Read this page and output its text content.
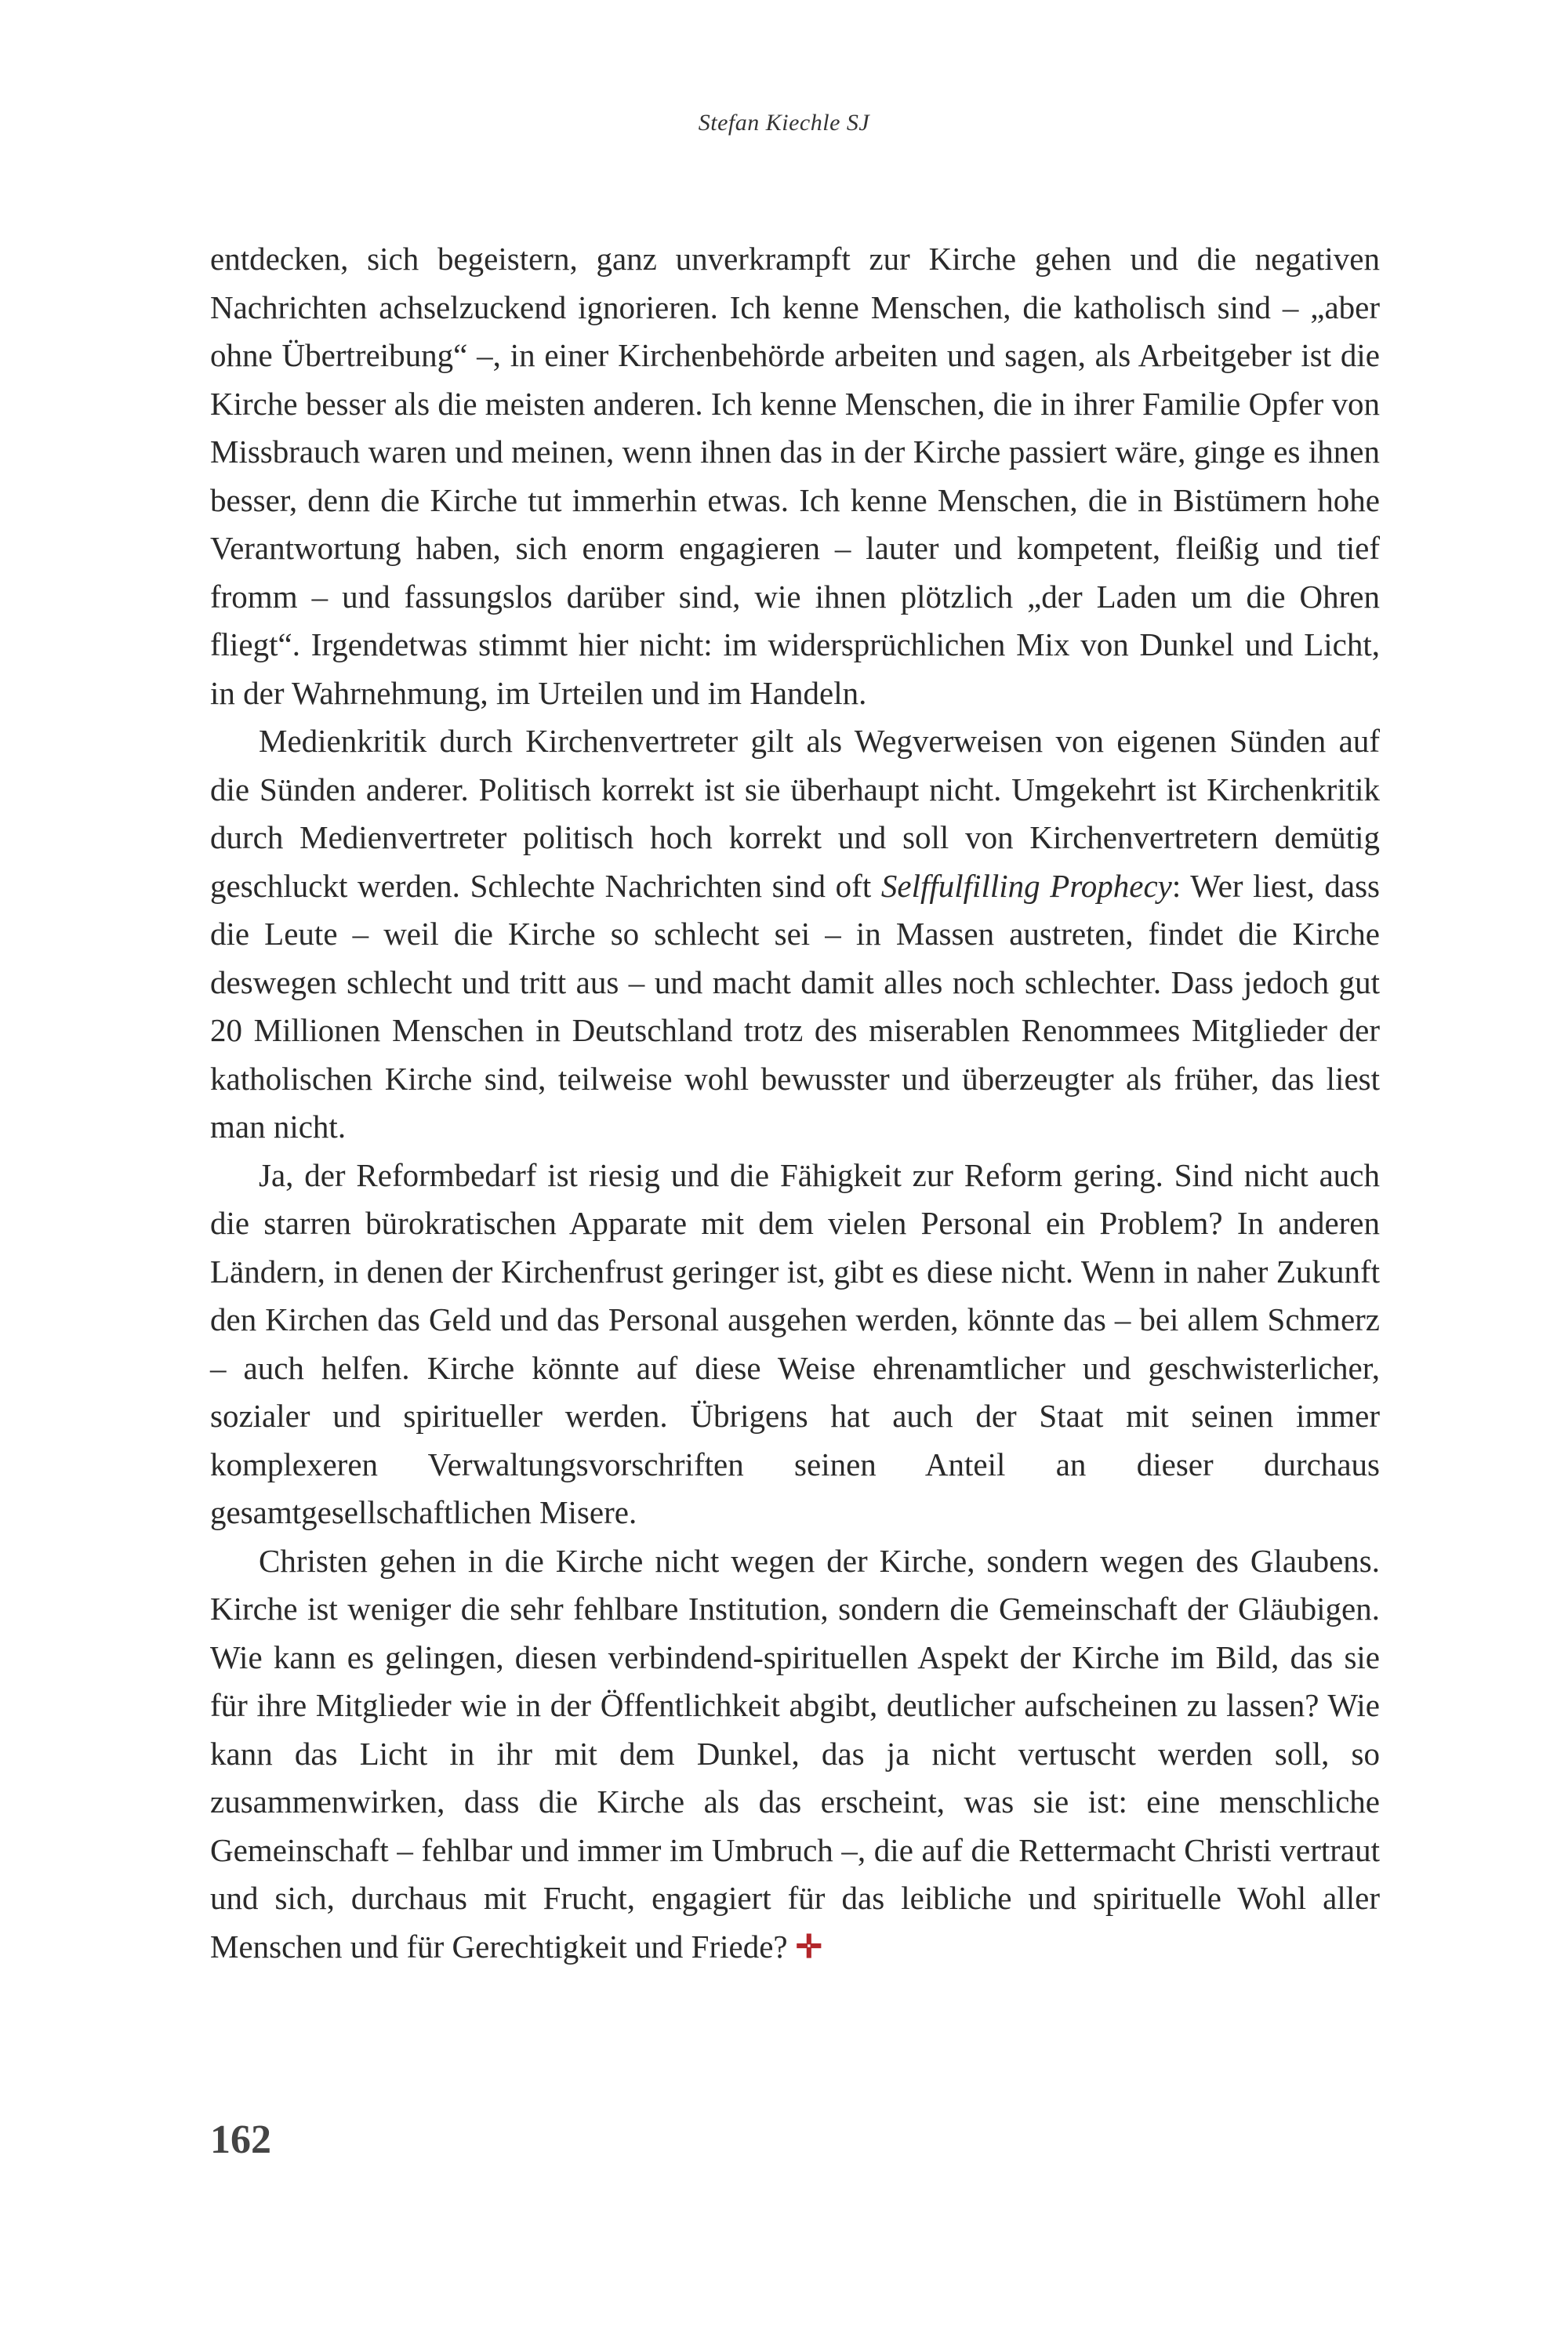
Stefan Kiechle SJ

entdecken, sich begeistern, ganz unverkrampft zur Kirche gehen und die negativen Nachrichten achselzuckend ignorieren. Ich kenne Menschen, die katholisch sind – „aber ohne Übertreibung“ –, in einer Kirchenbehörde arbeiten und sagen, als Arbeitgeber ist die Kirche besser als die meisten anderen. Ich kenne Menschen, die in ihrer Familie Opfer von Missbrauch waren und meinen, wenn ihnen das in der Kirche passiert wäre, ginge es ihnen besser, denn die Kirche tut immerhin etwas. Ich kenne Menschen, die in Bistümern hohe Verantwortung haben, sich enorm engagieren – lauter und kompetent, fleißig und tief fromm – und fassungslos darüber sind, wie ihnen plötzlich „der Laden um die Ohren fliegt“. Irgendetwas stimmt hier nicht: im widersprüchlichen Mix von Dunkel und Licht, in der Wahrnehmung, im Urteilen und im Handeln.

Medienkritik durch Kirchenvertreter gilt als Wegverweisen von eigenen Sünden auf die Sünden anderer. Politisch korrekt ist sie überhaupt nicht. Umgekehrt ist Kirchenkritik durch Medienvertreter politisch hoch korrekt und soll von Kirchenvertretern demütig geschluckt werden. Schlechte Nachrichten sind oft Selffulfilling Prophecy: Wer liest, dass die Leute – weil die Kirche so schlecht sei – in Massen austreten, findet die Kirche deswegen schlecht und tritt aus – und macht damit alles noch schlechter. Dass jedoch gut 20 Millionen Menschen in Deutschland trotz des miserablen Renommees Mitglieder der katholischen Kirche sind, teilweise wohl bewusster und überzeugter als früher, das liest man nicht.

Ja, der Reformbedarf ist riesig und die Fähigkeit zur Reform gering. Sind nicht auch die starren bürokratischen Apparate mit dem vielen Personal ein Problem? In anderen Ländern, in denen der Kirchenfrust geringer ist, gibt es diese nicht. Wenn in naher Zukunft den Kirchen das Geld und das Personal ausgehen werden, könnte das – bei allem Schmerz – auch helfen. Kirche könnte auf diese Weise ehrenamtlicher und geschwisterlicher, sozialer und spiritueller werden. Übrigens hat auch der Staat mit seinen immer komplexeren Verwaltungsvorschriften seinen Anteil an dieser durchaus gesamtgesellschaftlichen Misere.

Christen gehen in die Kirche nicht wegen der Kirche, sondern wegen des Glaubens. Kirche ist weniger die sehr fehlbare Institution, sondern die Gemeinschaft der Gläubigen. Wie kann es gelingen, diesen verbindend-spirituellen Aspekt der Kirche im Bild, das sie für ihre Mitglieder wie in der Öffentlichkeit abgibt, deutlicher aufscheinen zu lassen? Wie kann das Licht in ihr mit dem Dunkel, das ja nicht vertuscht werden soll, so zusammenwirken, dass die Kirche als das erscheint, was sie ist: eine menschliche Gemeinschaft – fehlbar und immer im Umbruch –, die auf die Rettermacht Christi vertraut und sich, durchaus mit Frucht, engagiert für das leibliche und spirituelle Wohl aller Menschen und für Gerechtigkeit und Friede? ✛

162
